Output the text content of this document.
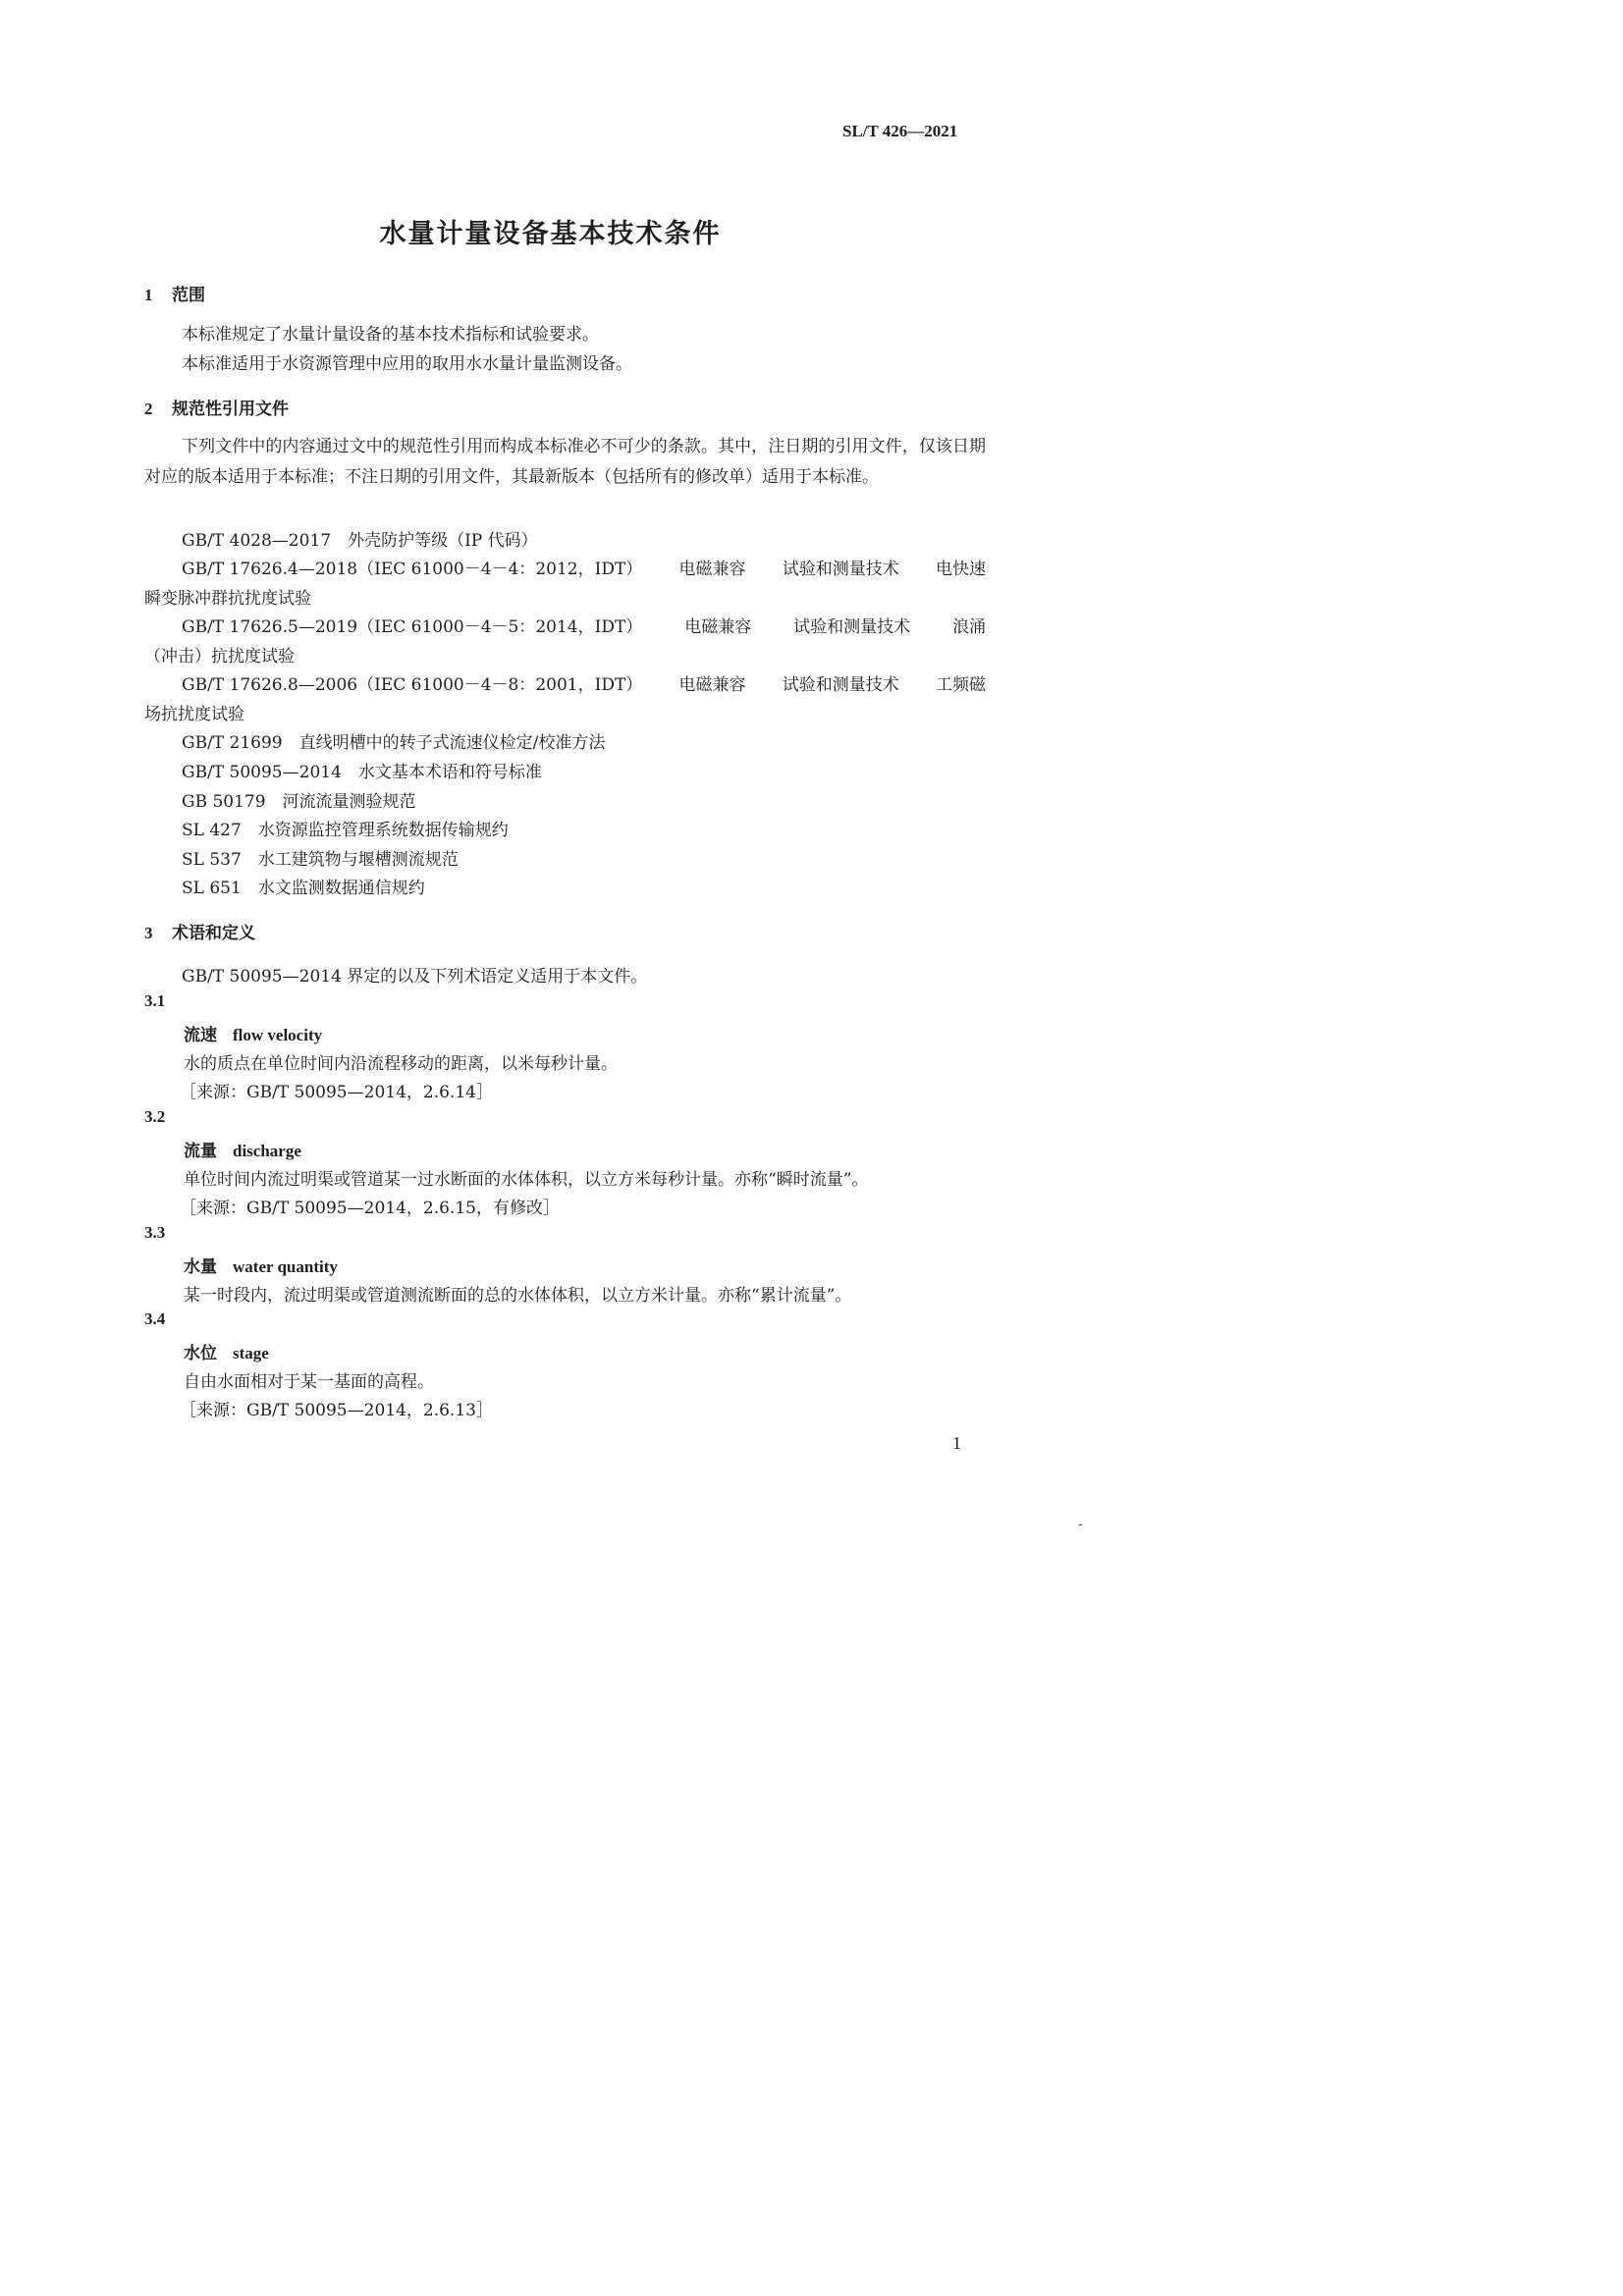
SL/T 426—2021
水量计量设备基本技术条件
1 范围
本标准规定了水量计量设备的基本技术指标和试验要求。
本标准适用于水资源管理中应用的取用水水量计量监测设备。
2 规范性引用文件
下列文件中的内容通过文中的规范性引用而构成本标准必不可少的条款。其中，注日期的引用文件，仅该日期对应的版本适用于本标准；不注日期的引用文件，其最新版本（包括所有的修改单）适用于本标准。
GB/T 4028—2017　外壳防护等级（IP 代码）
GB/T 17626.4—2018（IEC 61000－4－4：2012，IDT） 电磁兼容 试验和测量技术 电快速
瞬变脉冲群抗扰度试验
GB/T 17626.5—2019（IEC 61000－4－5：2014，IDT）	电磁兼容	试验和测量技术	浪涌
（冲击）抗扰度试验
GB/T 17626.8—2006（IEC 61000－4－8：2001，IDT） 电磁兼容 试验和测量技术 工频磁
场抗扰度试验
GB/T 21699　直线明槽中的转子式流速仪检定/校准方法
GB/T 50095—2014　水文基本术语和符号标准
GB 50179　河流流量测验规范
SL 427　水资源监控管理系统数据传输规约
SL 537　水工建筑物与堰槽测流规范
SL 651　水文监测数据通信规约
3 术语和定义
GB/T 50095—2014 界定的以及下列术语定义适用于本文件。
3.1
流速 flow velocity
水的质点在单位时间内沿流程移动的距离，以米每秒计量。
［来源：GB/T 50095—2014，2.6.14］
3.2
流量 discharge
单位时间内流过明渠或管道某一过水断面的水体体积，以立方米每秒计量。亦称“瞬时流量”。
［来源：GB/T 50095—2014，2.6.15，有修改］
3.3
水量 water quantity
某一时段内，流过明渠或管道测流断面的总的水体体积，以立方米计量。亦称“累计流量”。
3.4
水位 stage
自由水面相对于某一基面的高程。
［来源：GB/T 50095—2014，2.6.13］
1
-
